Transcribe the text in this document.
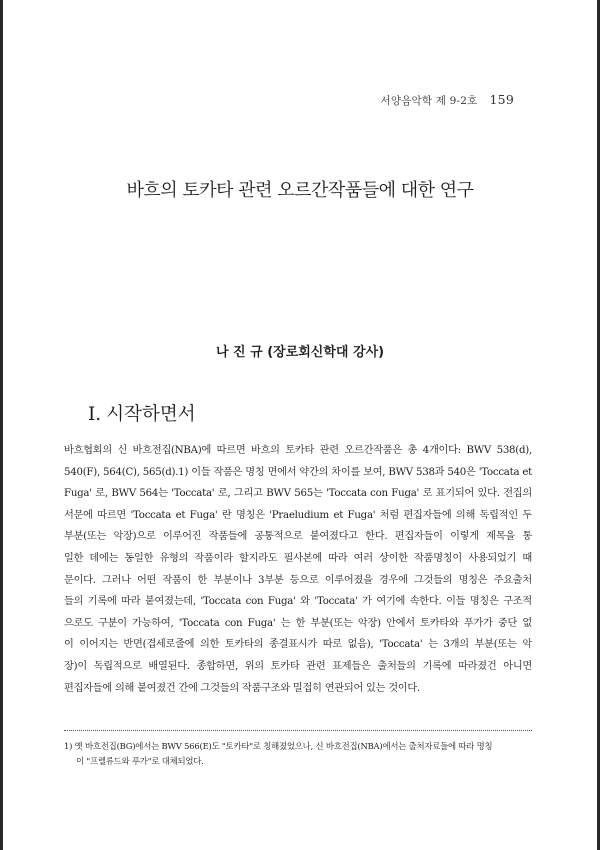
서양음악학 제 9-2호 159
바흐의 토카타 관련 오르간작품들에 대한 연구
나 진 규 (장로회신학대 강사)
I. 시작하면서
바흐협회의 신 바흐전집(NBA)에 따르면 바흐의 토카타 관련 오르간작품은 총 4개이다: BWV 538(d),
540(F), 564(C), 565(d).1) 이들 작품은 명칭 면에서 약간의 차이를 보여, BWV 538과 540은 'Toccata et
Fuga' 로, BWV 564는 'Toccata' 로, 그리고 BWV 565는 'Toccata con Fuga' 로 표기되어 있다. 전집의
서문에 따르면 'Toccata et Fuga' 란 명칭은 'Praeludium et Fuga' 처럼 편집자들에 의해 독립적인 두
부분(또는 악장)으로 이루어진 작품들에 공통적으로 붙여졌다고 한다. 편집자들이 이렇게 제목을 통
일한 데에는 동일한 유형의 작품이라 할지라도 필사본에 따라 여러 상이한 작품명칭이 사용되었기 때
문이다. 그러나 어떤 작품이 한 부분이나 3부분 등으로 이루어졌을 경우에 그것들의 명칭은 주요출처
들의 기록에 따라 붙여졌는데, 'Toccata con Fuga' 와 'Toccata' 가 여기에 속한다. 이들 명칭은 구조적
으로도 구분이 가능하여, 'Toccata con Fuga' 는 한 부분(또는 악장) 안에서 토카타와 푸가가 중단 없
이 이어지는 반면(겹세로줄에 의한 토카타의 종결표시가 따로 없음), 'Toccata' 는 3개의 부분(또는 악
장)이 독립적으로 배열된다. 종합하면, 위의 토카타 관련 표제들은 출처들의 기록에 따라졌건 아니면
편집자들에 의해 붙여졌건 간에 그것들의 작품구조와 밀접히 연관되어 있는 것이다.
1) 옛 바흐전집(BG)에서는 BWV 566(E)도 "토카타"로 칭해졌었으나, 신 바흐전집(NBA)에서는 출처자료들에 따라 명칭
이 "프렐류드와 푸가"로 대체되었다.
